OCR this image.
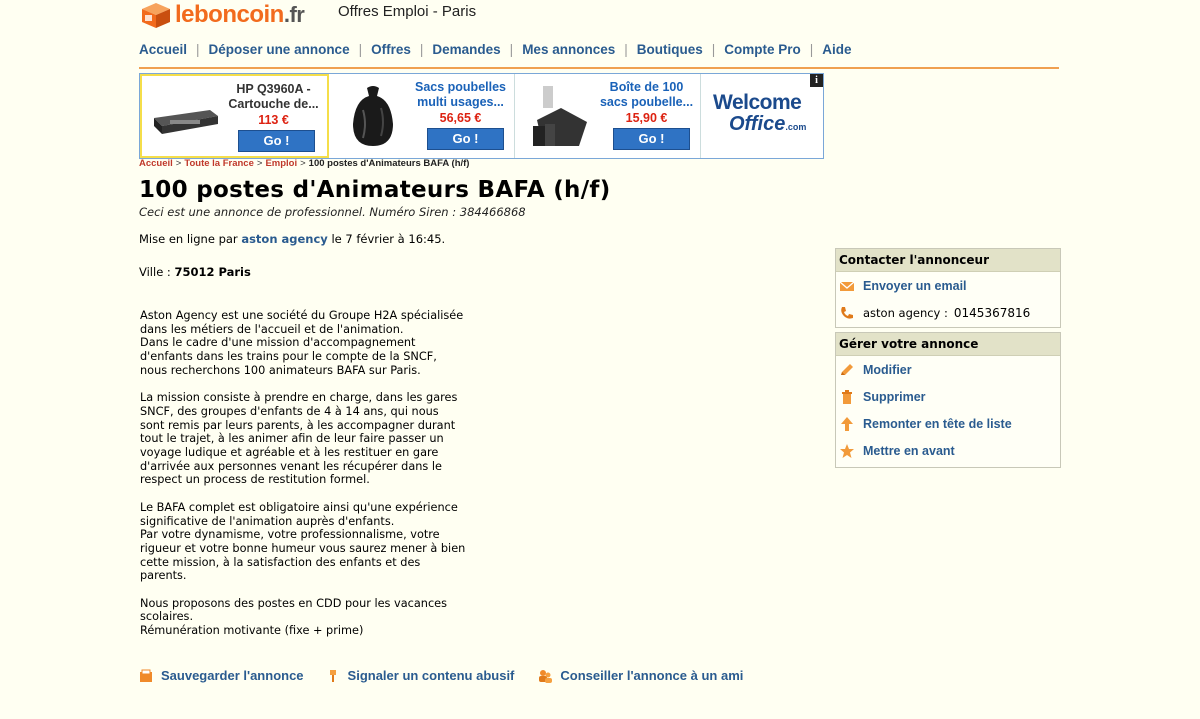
leboncoin.fr Offres Emploi - Paris
Accueil | Déposer une annonce | Offres | Demandes | Mes annonces | Boutiques | Compte Pro | Aide
HP Q3960A - Cartouche de...
113 €
Go !
Sacs poubelles multi usages...
56,65 €
Go !
Boîte de 100 sacs poubelle...
15,90 €
Go !
Welcome
Office.com
i
Accueil > Toute la France > Emploi > 100 postes d'Animateurs BAFA (h/f)
100 postes d'Animateurs BAFA (h/f)
Ceci est une annonce de professionnel. Numéro Siren : 384466868
Mise en ligne par aston agency le 7 février à 16:45.
Ville : 75012 Paris
Aston Agency est une société du Groupe H2A spécialisée
dans les métiers de l'accueil et de l'animation.
Dans le cadre d'une mission d'accompagnement
d'enfants dans les trains pour le compte de la SNCF,
nous recherchons 100 animateurs BAFA sur Paris.

La mission consiste à prendre en charge, dans les gares
SNCF, des groupes d'enfants de 4 à 14 ans, qui nous
sont remis par leurs parents, à les accompagner durant
tout le trajet, à les animer afin de leur faire passer un
voyage ludique et agréable et à les restituer en gare
d'arrivée aux personnes venant les récupérer dans le
respect un process de restitution formel.

Le BAFA complet est obligatoire ainsi qu'une expérience
significative de l'animation auprès d'enfants.
Par votre dynamisme, votre professionnalisme, votre
rigueur et votre bonne humeur vous saurez mener à bien
cette mission, à la satisfaction des enfants et des
parents.

Nous proposons des postes en CDD pour les vacances
scolaires.
Rémunération motivante (fixe + prime)
Sauvegarder l'annonce	Signaler un contenu abusif	Conseiller l'annonce à un ami
Contacter l'annonceur
Envoyer un email
aston agency : 0145367816
Gérer votre annonce
Modifier
Supprimer
Remonter en tête de liste
Mettre en avant
